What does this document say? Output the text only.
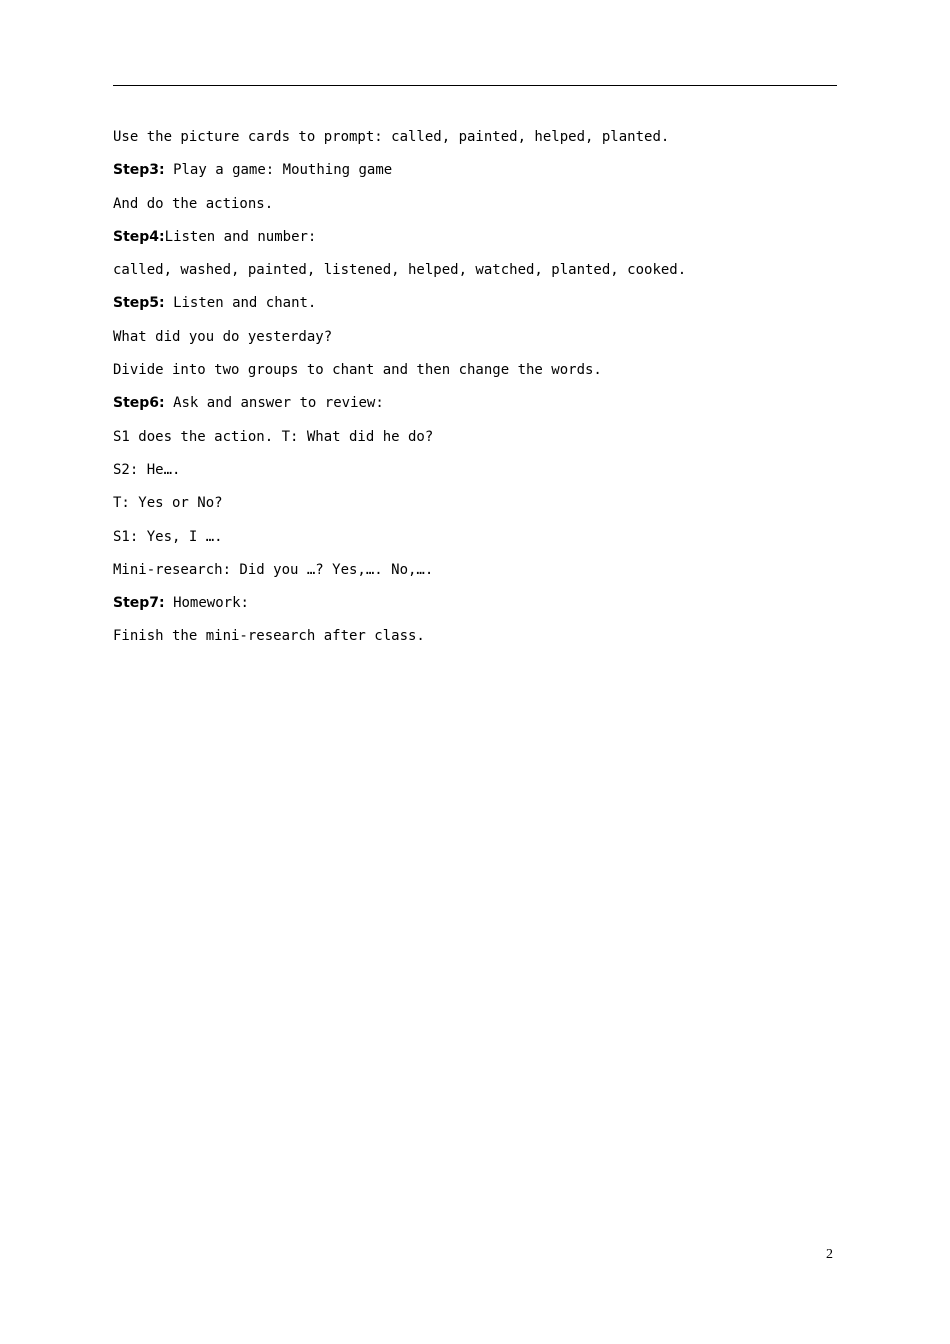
Use the picture cards to prompt: called, painted, helped, planted.
Step3: Play a game: Mouthing game
And do the actions.
Step4:Listen and number:
called, washed, painted, listened, helped, watched, planted, cooked.
Step5: Listen and chant.
What did you do yesterday?
Divide into two groups to chant and then change the words.
Step6: Ask and answer to review:
S1 does the action. T: What did he do?
S2: He….
T: Yes or No?
S1: Yes, I ….
Mini-research: Did you …? Yes,…. No,….
Step7: Homework:
Finish the mini-research after class.
2
